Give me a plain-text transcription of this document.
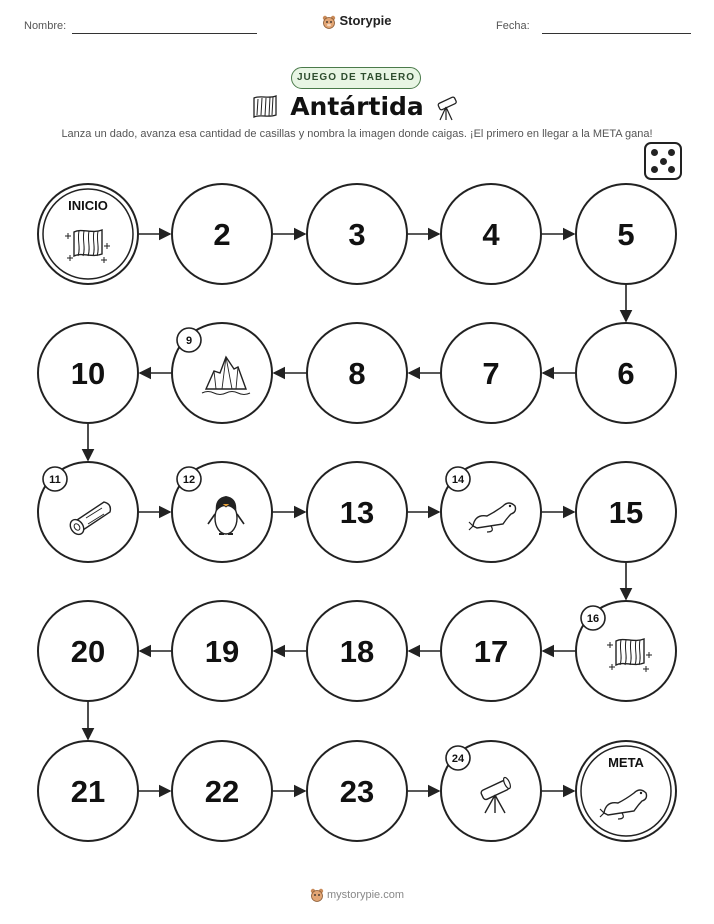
Nombre:	Storypie	Fecha:
JUEGO DE TABLERO
Antártida
Lanza un dado, avanza esa cantidad de casillas y nombra la imagen donde caigas. ¡El primero en llegar a la META gana!
INICIO
2	3	4	5
6
7
8
9
10
11	12
13
14
15
16
17
18
19
20
21	22	23
24	META
mystorypie.com
